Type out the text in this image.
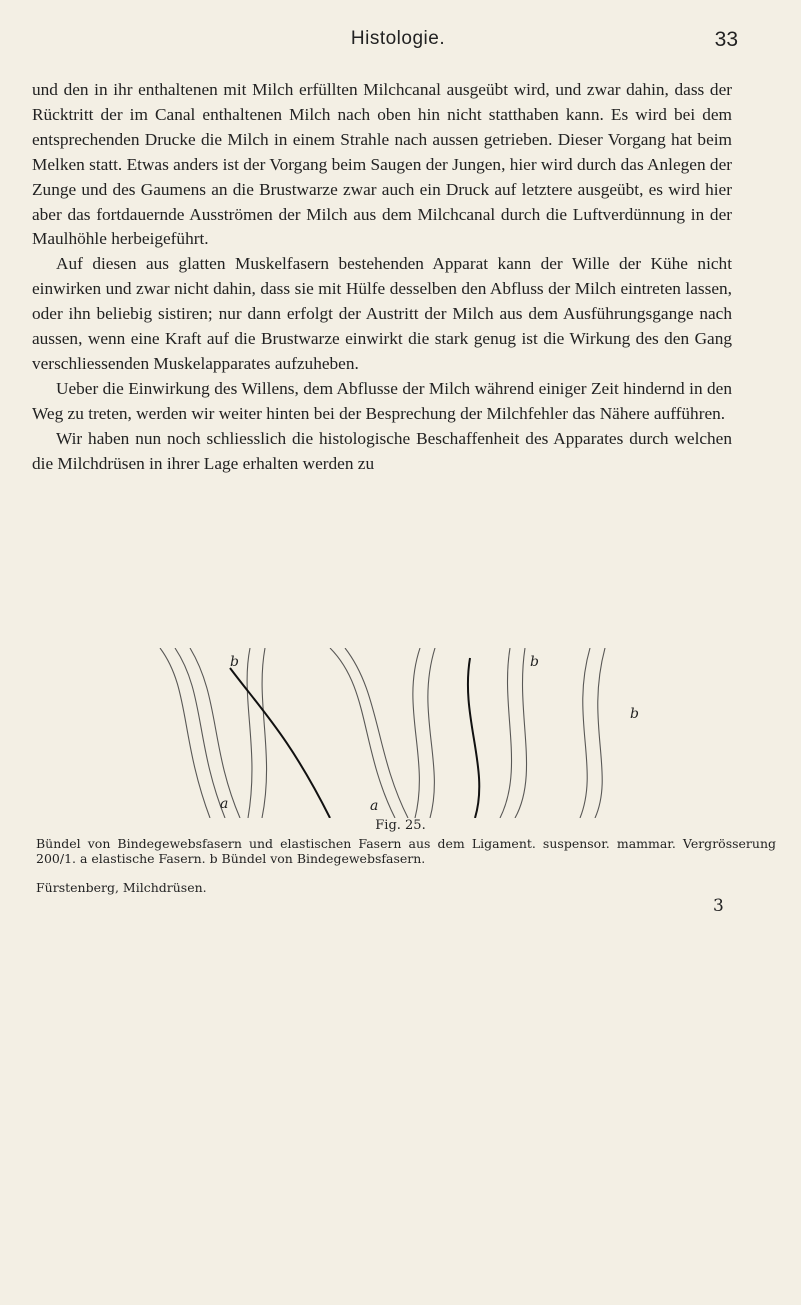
Histologie.	33

und den in ihr enthaltenen mit Milch erfüllten Milchcanal ausgeübt wird, und zwar dahin, dass der Rücktritt der im Canal enthaltenen Milch nach oben hin nicht statthaben kann. Es wird bei dem entsprechenden Drucke die Milch in einem Strahle nach aussen getrieben. Dieser Vorgang hat beim Melken statt. Etwas anders ist der Vorgang beim Saugen der Jungen, hier wird durch das Anlegen der Zunge und des Gaumens an die Brustwarze zwar auch ein Druck auf letztere ausgeübt, es wird hier aber das fortdauernde Ausströmen der Milch aus dem Milchcanal durch die Luftverdünnung in der Maulhöhle herbeigeführt.

Auf diesen aus glatten Muskelfasern bestehenden Apparat kann der Wille der Kühe nicht einwirken und zwar nicht dahin, dass sie mit Hülfe desselben den Abfluss der Milch eintreten lassen, oder ihn beliebig sistiren; nur dann erfolgt der Austritt der Milch aus dem Ausführungsgange nach aussen, wenn eine Kraft auf die Brustwarze einwirkt die stark genug ist die Wirkung des den Gang verschliessenden Muskelapparates aufzuheben.

Ueber die Einwirkung des Willens, dem Abflusse der Milch während einiger Zeit hindernd in den Weg zu treten, werden wir weiter hinten bei der Besprechung der Milchfehler das Nähere aufführen.

Wir haben nun noch schliesslich die histologische Beschaffenheit des Apparates durch welchen die Milchdrüsen in ihrer Lage erhalten werden zu

b	b
b
a	a
Fig. 25.
Bündel von Bindegewebsfasern und elastischen Fasern aus dem Ligament. suspensor. mammar. Vergrösserung 200/1. a elastische Fasern. b Bündel von Bindegewebsfasern.
Fürstenberg, Milchdrüsen.
3
